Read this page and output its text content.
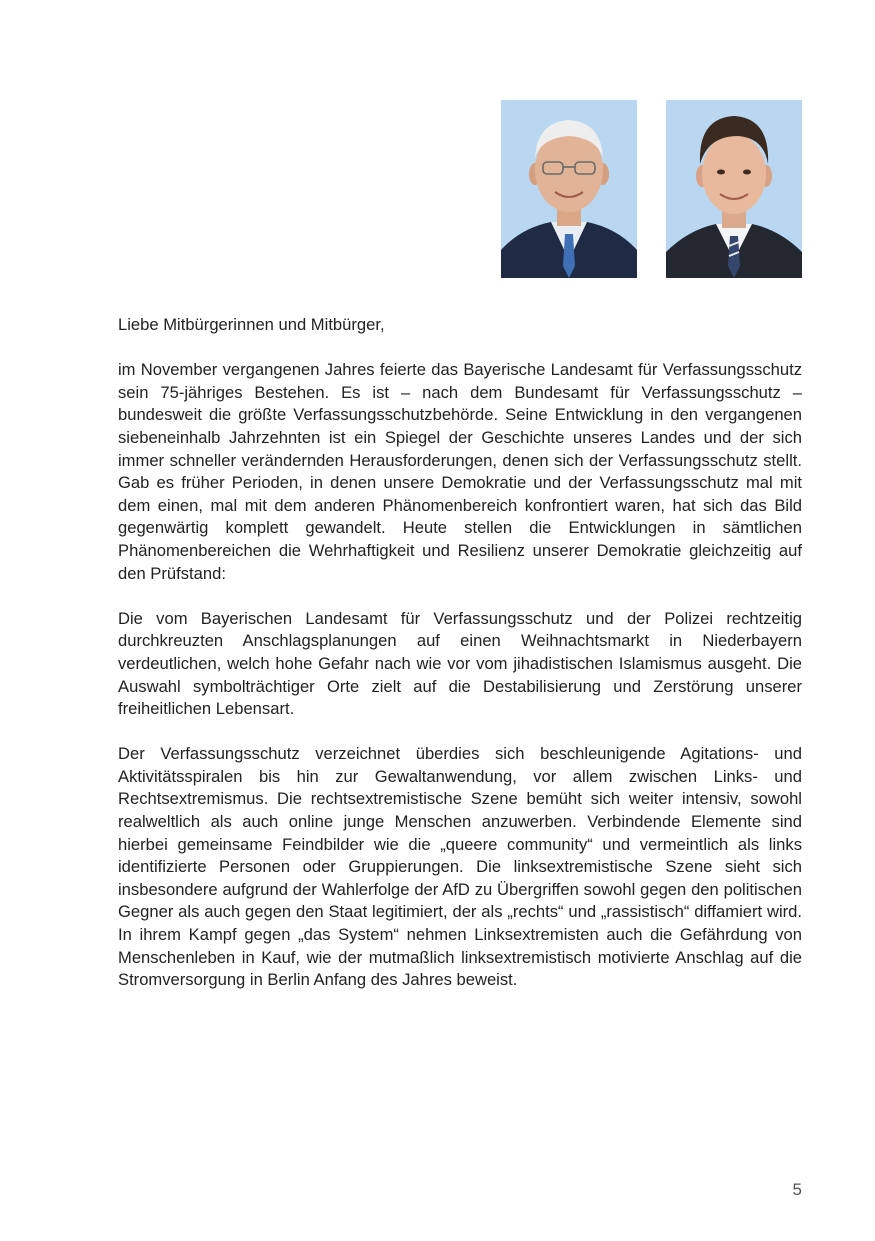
Liebe Mitbürgerinnen und Mitbürger,

im November vergangenen Jahres feierte das Bayerische Landesamt für Verfassungsschutz sein 75-jähriges Bestehen. Es ist – nach dem Bundesamt für Verfassungsschutz – bundesweit die größte Verfassungsschutzbehörde. Seine Entwicklung in den vergangenen siebeneinhalb Jahrzehnten ist ein Spiegel der Geschichte unseres Landes und der sich immer schneller verändernden Herausforderungen, denen sich der Verfassungsschutz stellt. Gab es früher Perioden, in denen unsere Demokratie und der Verfassungsschutz mal mit dem einen, mal mit dem anderen Phänomenbereich konfrontiert waren, hat sich das Bild gegenwärtig komplett gewandelt. Heute stellen die Entwicklungen in sämtlichen Phänomenbereichen die Wehrhaftigkeit und Resilienz unserer Demokratie gleichzeitig auf den Prüfstand:

Die vom Bayerischen Landesamt für Verfassungsschutz und der Polizei rechtzeitig durchkreuzten Anschlagsplanungen auf einen Weihnachtsmarkt in Niederbayern verdeutlichen, welch hohe Gefahr nach wie vor vom jihadistischen Islamismus ausgeht. Die Auswahl symbolträchtiger Orte zielt auf die Destabilisierung und Zerstörung unserer freiheitlichen Lebensart.

Der Verfassungsschutz verzeichnet überdies sich beschleunigende Agitations- und Aktivitätsspiralen bis hin zur Gewaltanwendung, vor allem zwischen Links- und Rechtsextremismus. Die rechtsextremistische Szene bemüht sich weiter intensiv, sowohl realweltlich als auch online junge Menschen anzuwerben. Verbindende Elemente sind hierbei gemeinsame Feindbilder wie die „queere community“ und vermeintlich als links identifizierte Personen oder Gruppierungen. Die linksextremistische Szene sieht sich insbesondere aufgrund der Wahlerfolge der AfD zu Übergriffen sowohl gegen den politischen Gegner als auch gegen den Staat legitimiert, der als „rechts“ und „rassistisch“ diffamiert wird. In ihrem Kampf gegen „das System“ nehmen Linksextremisten auch die Gefährdung von Menschenleben in Kauf, wie der mutmaßlich linksextremistisch motivierte Anschlag auf die Stromversorgung in Berlin Anfang des Jahres beweist.

5
